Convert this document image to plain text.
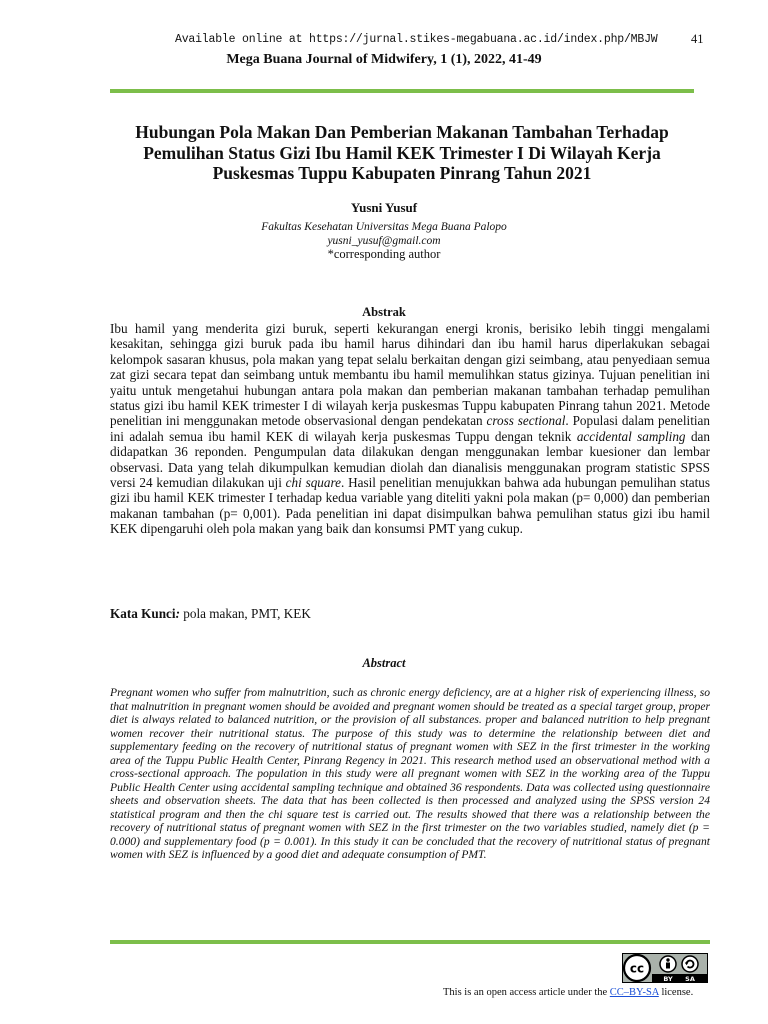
Available online at https://jurnal.stikes-megabuana.ac.id/index.php/MBJW	41
Mega Buana Journal of Midwifery, 1 (1), 2022, 41-49
Hubungan Pola Makan Dan Pemberian Makanan Tambahan Terhadap Pemulihan Status Gizi Ibu Hamil KEK Trimester I Di Wilayah Kerja Puskesmas Tuppu Kabupaten Pinrang Tahun 2021
Yusni Yusuf
Fakultas Kesehatan Universitas Mega Buana Palopo
yusni_yusuf@gmail.com
*corresponding author
Abstrak

Ibu hamil yang menderita gizi buruk, seperti kekurangan energi kronis, berisiko lebih tinggi mengalami kesakitan, sehingga gizi buruk pada ibu hamil harus dihindari dan ibu hamil harus diperlakukan sebagai kelompok sasaran khusus, pola makan yang tepat selalu berkaitan dengan gizi seimbang, atau penyediaan semua zat gizi secara tepat dan seimbang untuk membantu ibu hamil memulihkan status gizinya. Tujuan penelitian ini yaitu untuk mengetahui hubungan antara pola makan dan pemberian makanan tambahan terhadap pemulihan status gizi ibu hamil KEK trimester I di wilayah kerja puskesmas Tuppu kabupaten Pinrang tahun 2021. Metode penelitian ini menggunakan metode observasional dengan pendekatan cross sectional. Populasi dalam penelitian ini adalah semua ibu hamil KEK di wilayah kerja puskesmas Tuppu dengan teknik accidental sampling dan didapatkan 36 reponden. Pengumpulan data dilakukan dengan menggunakan lembar kuesioner dan lembar observasi. Data yang telah dikumpulkan kemudian diolah dan dianalisis menggunakan program statistic SPSS versi 24 kemudian dilakukan uji chi square. Hasil penelitian menujukkan bahwa ada hubungan pemulihan status gizi ibu hamil KEK trimester I terhadap kedua variable yang diteliti yakni pola makan (p= 0,000) dan pemberian makanan tambahan (p= 0,001). Pada penelitian ini dapat disimpulkan bahwa pemulihan status gizi ibu hamil KEK dipengaruhi oleh pola makan yang baik dan konsumsi PMT yang cukup.

Kata Kunci: pola makan, PMT, KEK
Abstract

Pregnant women who suffer from malnutrition, such as chronic energy deficiency, are at a higher risk of experiencing illness, so that malnutrition in pregnant women should be avoided and pregnant women should be treated as a special target group, proper diet is always related to balanced nutrition, or the provision of all substances. proper and balanced nutrition to help pregnant women recover their nutritional status. The purpose of this study was to determine the relationship between diet and supplementary feeding on the recovery of nutritional status of pregnant women with SEZ in the first trimester in the working area of the Tuppu Public Health Center, Pinrang Regency in 2021. This research method used an observational method with a cross-sectional approach. The population in this study were all pregnant women with SEZ in the working area of the Tuppu Public Health Center using accidental sampling technique and obtained 36 respondents. Data was collected using questionnaire sheets and observation sheets. The data that has been collected is then processed and analyzed using the SPSS version 24 statistical program and then the chi square test is carried out. The results showed that there was a relationship between the recovery of nutritional status of pregnant women with SEZ in the first trimester on the two variables studied, namely diet (p = 0.000) and supplementary food (p = 0.001). In this study it can be concluded that the recovery of nutritional status of pregnant women with SEZ is influenced by a good diet and adequate consumption of PMT.

cc
BY SA
This is an open access article under the CC–BY-SA license.
